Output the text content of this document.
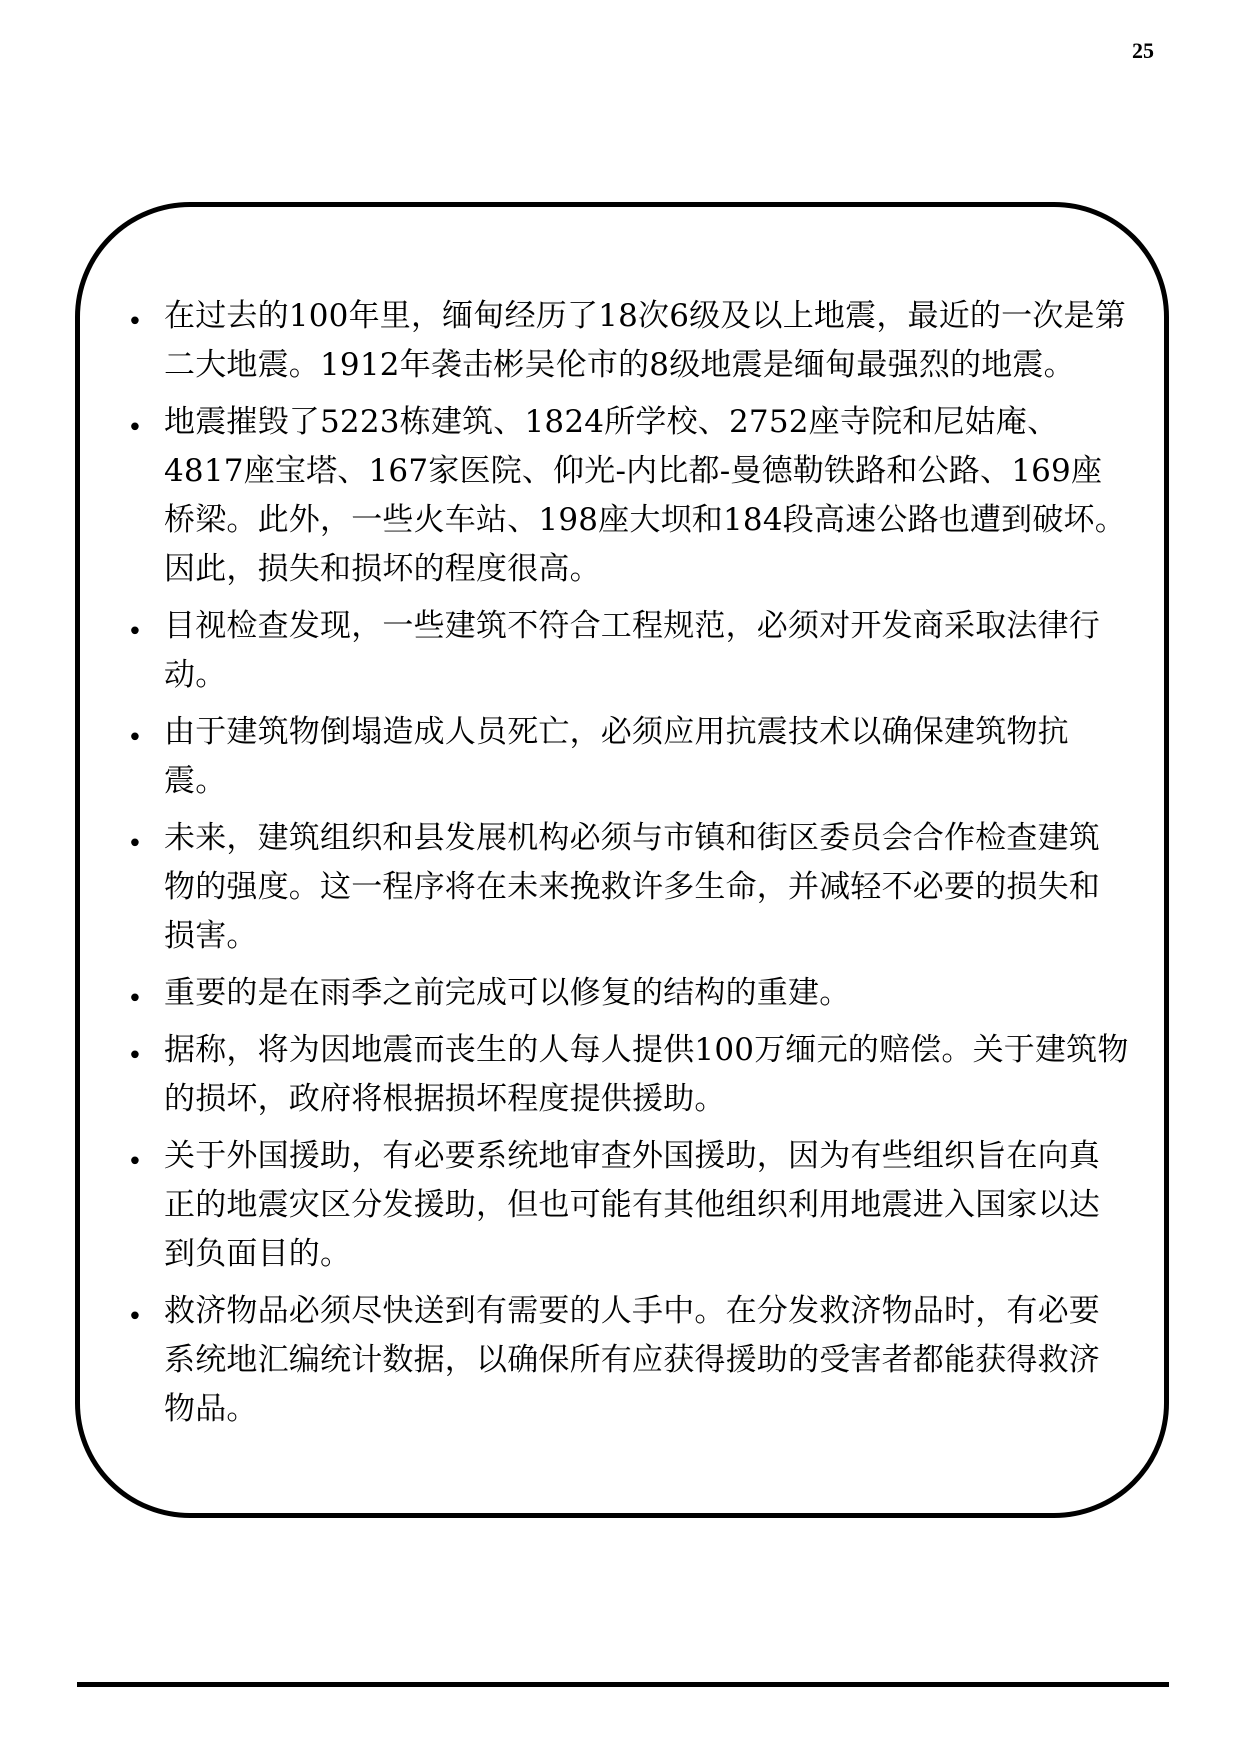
25
• 在过去的100年里，缅甸经历了18次6级及以上地震，最近的一次是第二大地震。1912年袭击彬吴伦市的8级地震是缅甸最强烈的地震。
• 地震摧毁了5223栋建筑、1824所学校、2752座寺院和尼姑庵、4817座宝塔、167家医院、仰光-内比都-曼德勒铁路和公路、169座桥梁。此外，一些火车站、198座大坝和184段高速公路也遭到破坏。因此，损失和损坏的程度很高。
• 目视检查发现，一些建筑不符合工程规范，必须对开发商采取法律行动。
• 由于建筑物倒塌造成人员死亡，必须应用抗震技术以确保建筑物抗震。
• 未来，建筑组织和县发展机构必须与市镇和街区委员会合作检查建筑物的强度。这一程序将在未来挽救许多生命，并减轻不必要的损失和损害。
• 重要的是在雨季之前完成可以修复的结构的重建。
• 据称，将为因地震而丧生的人每人提供100万缅元的赔偿。关于建筑物的损坏，政府将根据损坏程度提供援助。
• 关于外国援助，有必要系统地审查外国援助，因为有些组织旨在向真正的地震灾区分发援助，但也可能有其他组织利用地震进入国家以达到负面目的。
• 救济物品必须尽快送到有需要的人手中。在分发救济物品时，有必要系统地汇编统计数据，以确保所有应获得援助的受害者都能获得救济物品。
